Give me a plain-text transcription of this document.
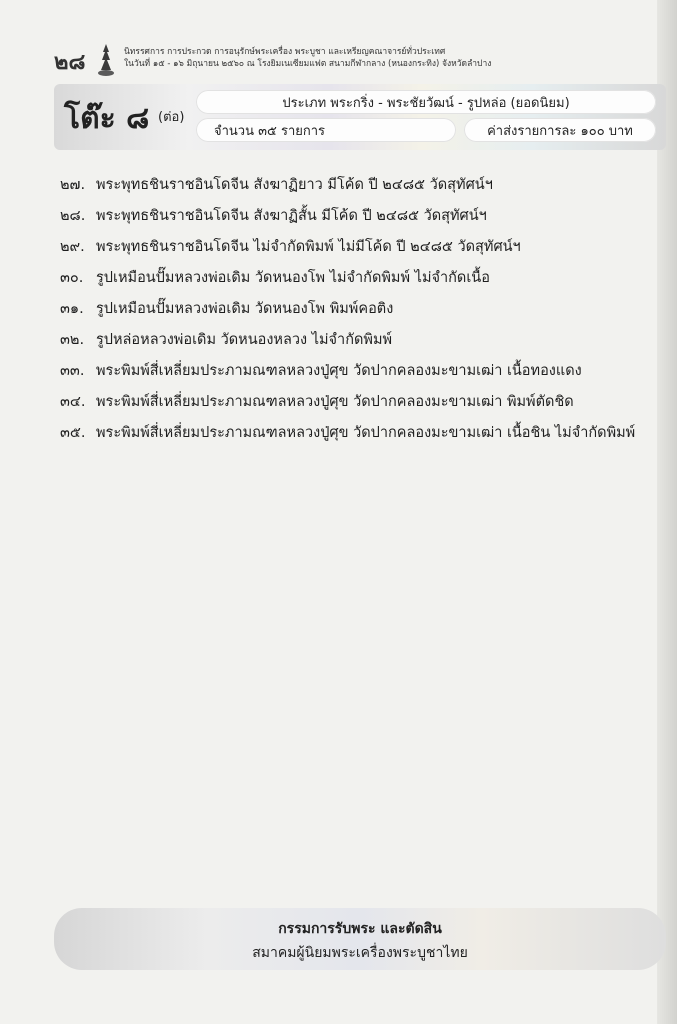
๒๘	นิทรรศการ การประกวด การอนุรักษ์พระเครื่อง พระบูชา และเหรียญคณาจารย์ทั่วประเทศ
ในวันที่ ๑๕ - ๑๖ มิถุนายน ๒๕๖๐ ณ โรงยิมเนเซียมแฟต สนามกีฬากลาง (หนองกระทิง) จังหวัดลำปาง
โต๊ะ ๘ (ต่อ)
ประเภท พระกริ่ง - พระชัยวัฒน์ - รูปหล่อ (ยอดนิยม)
จำนวน ๓๕ รายการ	ค่าส่งรายการละ ๑๐๐ บาท
๒๗. พระพุทธชินราชอินโดจีน สังฆาฏิยาว มีโค้ด ปี ๒๔๘๕ วัดสุทัศน์ฯ
๒๘. พระพุทธชินราชอินโดจีน สังฆาฏิสั้น มีโค้ด ปี ๒๔๘๕ วัดสุทัศน์ฯ
๒๙. พระพุทธชินราชอินโดจีน ไม่จำกัดพิมพ์ ไม่มีโค้ด ปี ๒๔๘๕ วัดสุทัศน์ฯ
๓๐. รูปเหมือนปั๊มหลวงพ่อเดิม วัดหนองโพ ไม่จำกัดพิมพ์ ไม่จำกัดเนื้อ
๓๑. รูปเหมือนปั๊มหลวงพ่อเดิม วัดหนองโพ พิมพ์คอติง
๓๒. รูปหล่อหลวงพ่อเดิม วัดหนองหลวง ไม่จำกัดพิมพ์
๓๓. พระพิมพ์สี่เหลี่ยมประภามณฑลหลวงปู่ศุข วัดปากคลองมะขามเฒ่า เนื้อทองแดง
๓๔. พระพิมพ์สี่เหลี่ยมประภามณฑลหลวงปู่ศุข วัดปากคลองมะขามเฒ่า พิมพ์ตัดชิด
๓๕. พระพิมพ์สี่เหลี่ยมประภามณฑลหลวงปู่ศุข วัดปากคลองมะขามเฒ่า เนื้อชิน ไม่จำกัดพิมพ์
กรรมการรับพระ และตัดสิน
สมาคมผู้นิยมพระเครื่องพระบูชาไทย
